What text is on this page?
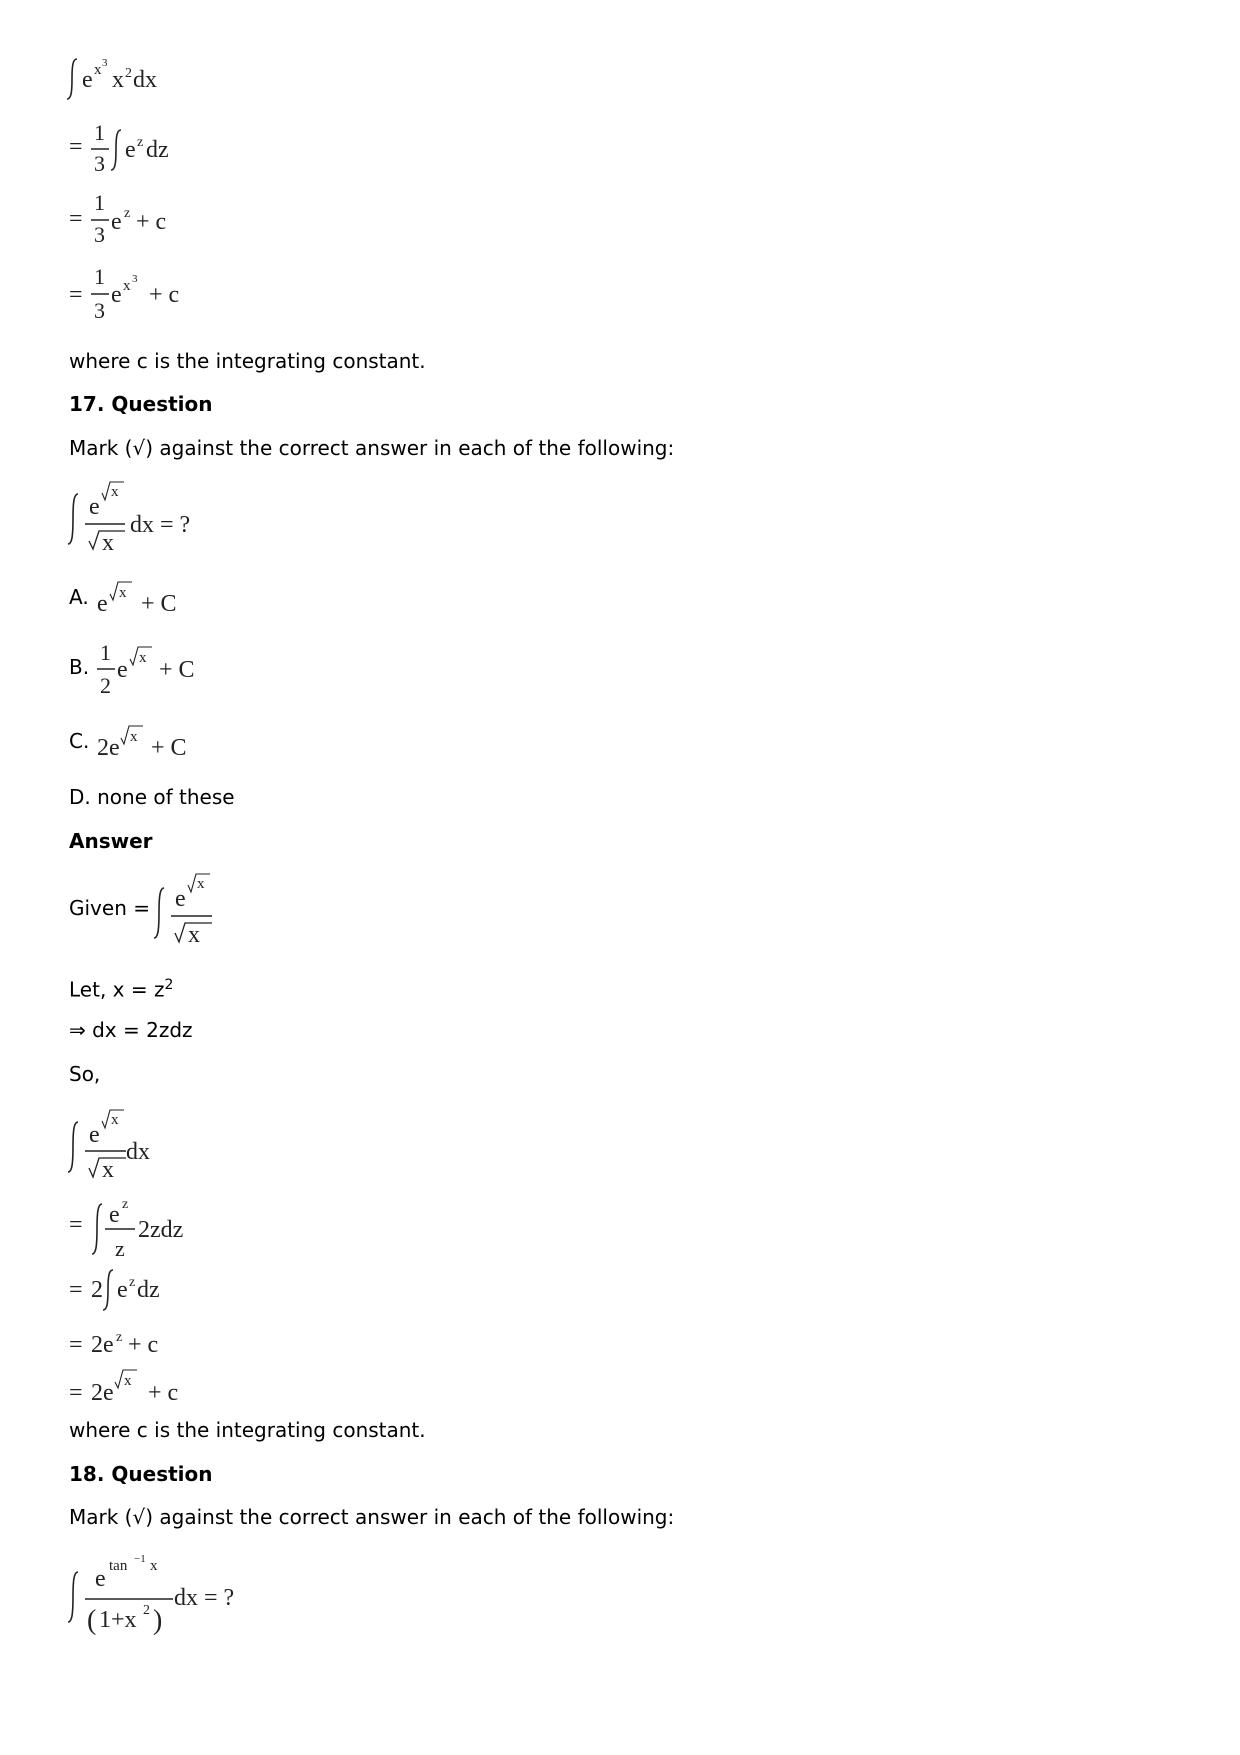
e x 3
x 2 dx
=
1
3
e z dz
=
1
3 e z + c
=
1
3
e x 3
+ c
where c is the integrating constant.
17. Question
Mark (√) against the correct answer in each of the following:
e
x
x
dx = ?
A. e x + C
B.
1
2
e x + C
C. 2e x + C
D. none of these
Answer
Given = e
x
x
Let, $x = z^2$
⇒ dx = 2zdz
So,
e
x
x
dx
= e z
z
2zdz
= 2 e z dz
= 2e z + c
= 2e x + c
where c is the integrating constant.
18. Question
Mark (√) against the correct answer in each of the following:
e tan −1 x
( 1+x 2 )
dx = ?
